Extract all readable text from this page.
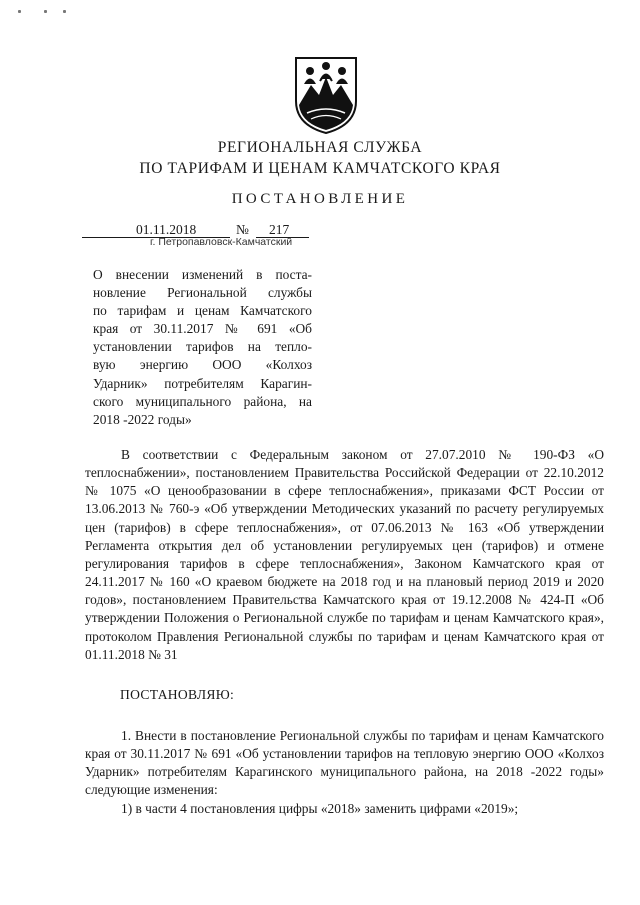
РЕГИОНАЛЬНАЯ СЛУЖБА
ПО ТАРИФАМ И ЦЕНАМ КАМЧАТСКОГО КРАЯ
ПОСТАНОВЛЕНИЕ
01.11.2018	№ 217
г. Петропавловск-Камчатский
О внесении изменений в поста-
новление Региональной службы
по тарифам и ценам Камчатского
края от 30.11.2017 № 691 «Об
установлении тарифов на тепло-
вую энергию ООО «Колхоз
Ударник» потребителям Карагин-
ского муниципального района, на
2018 -2022 годы»

В соответствии с Федеральным законом от 27.07.2010 № 190-ФЗ «О теплоснабжении», постановлением Правительства Российской Федерации от 22.10.2012 № 1075 «О ценообразовании в сфере теплоснабжения», приказами ФСТ России от 13.06.2013 № 760-э «Об утверждении Методических указаний по расчету регулируемых цен (тарифов) в сфере теплоснабжения», от 07.06.2013 № 163 «Об утверждении Регламента открытия дел об установлении регулируемых цен (тарифов) и отмене регулирования тарифов в сфере теплоснабжения», Законом Камчатского края от 24.11.2017 № 160 «О краевом бюджете на 2018 год и на плановый период 2019 и 2020 годов», постановлением Правительства Камчатского края от 19.12.2008 № 424-П «Об утверждении Положения о Региональной службе по тарифам и ценам Камчатского края», протоколом Правления Региональной службы по тарифам и ценам Камчатского края от 01.11.2018 № 31

ПОСТАНОВЛЯЮ:

1. Внести в постановление Региональной службы по тарифам и ценам Камчатского края от 30.11.2017 № 691 «Об установлении тарифов на тепловую энергию ООО «Колхоз Ударник» потребителям Карагинского муниципального района, на 2018 -2022 годы» следующие изменения:

1) в части 4 постановления цифры «2018» заменить цифрами «2019»;
